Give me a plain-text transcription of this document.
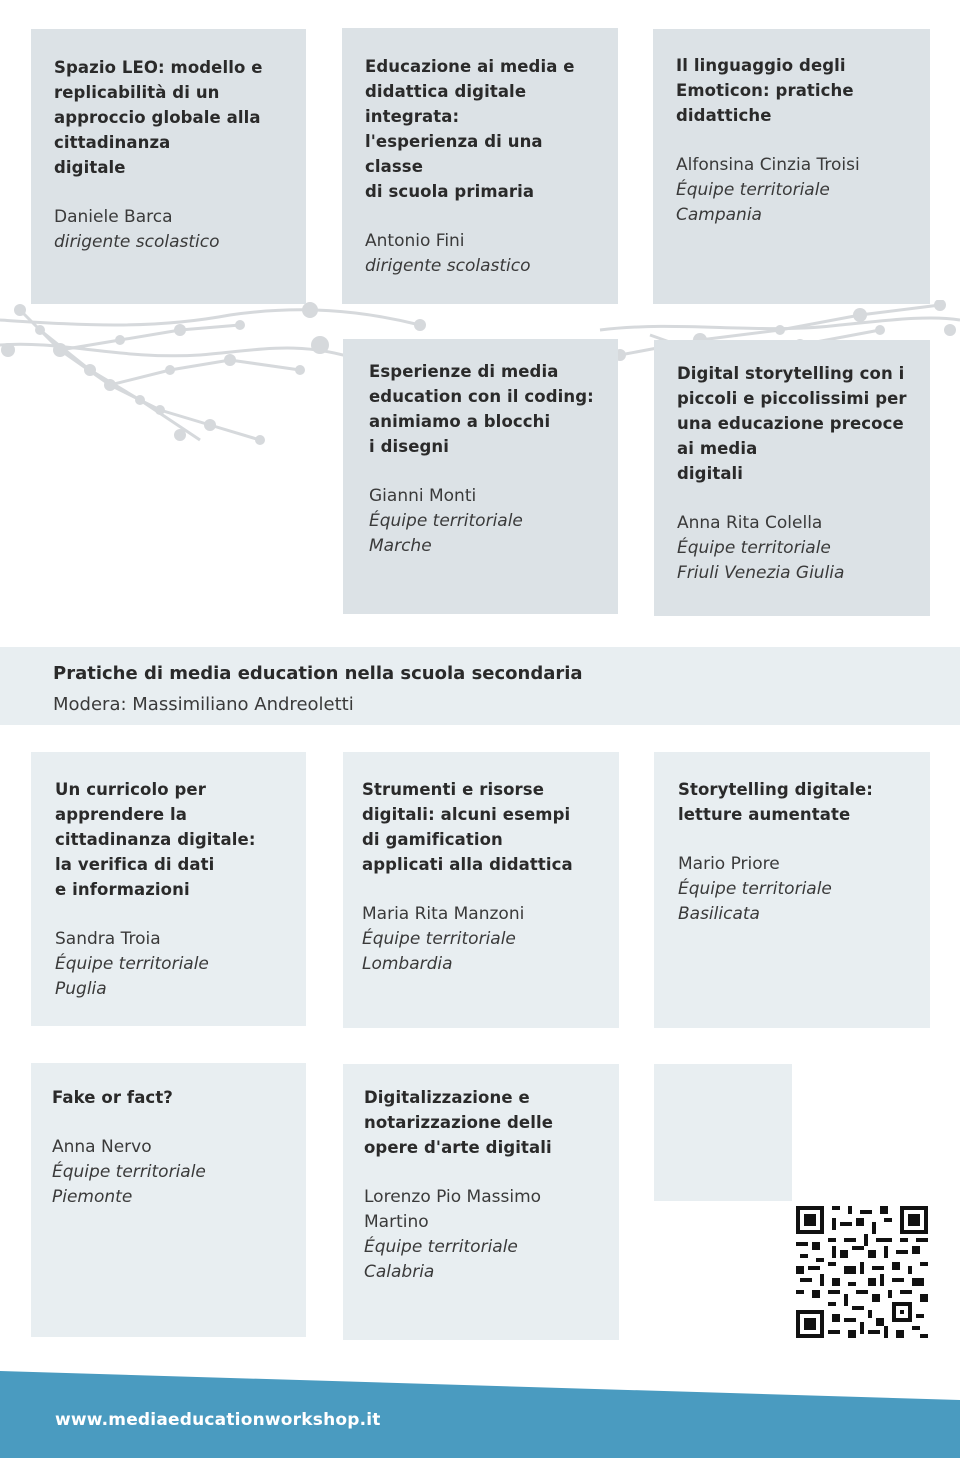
Spazio LEO: modello e
replicabilità di un
approccio globale alla
cittadinanza
digitale
Daniele Barca
dirigente scolastico
Educazione ai media e
didattica digitale
integrata:
l'esperienza di una classe
di scuola primaria
Antonio Fini
dirigente scolastico
Il linguaggio degli
Emoticon: pratiche
didattiche
Alfonsina Cinzia Troisi
Équipe territoriale
Campania
Esperienze di media
education con il coding:
animiamo a blocchi
i disegni
Gianni Monti
Équipe territoriale
Marche
Digital storytelling con i
piccoli e piccolissimi per
una educazione precoce
ai media
digitali
Anna Rita Colella
Équipe territoriale
Friuli Venezia Giulia
Pratiche di media education nella scuola secondaria
Modera: Massimiliano Andreoletti
Un curricolo per
apprendere la
cittadinanza digitale:
la verifica di dati
e informazioni
Sandra Troia
Équipe territoriale
Puglia
Strumenti e risorse
digitali: alcuni esempi
di gamification
applicati alla didattica
Maria Rita Manzoni
Équipe territoriale
Lombardia
Storytelling digitale:
letture aumentate
Mario Priore
Équipe territoriale
Basilicata
Fake or fact?
Anna Nervo
Équipe territoriale
Piemonte
Digitalizzazione e
notarizzazione delle
opere d'arte digitali
Lorenzo Pio Massimo
Martino
Équipe territoriale
Calabria
www.mediaeducationworkshop.it
